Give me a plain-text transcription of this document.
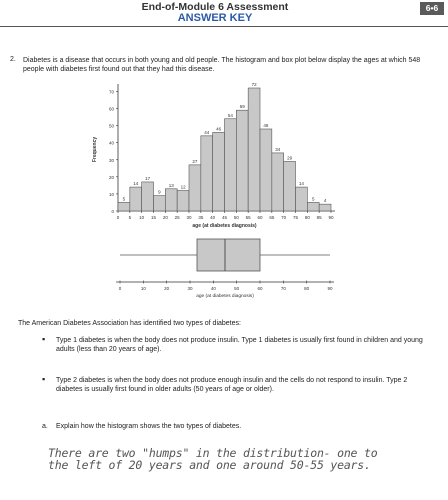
End-of-Module 6 Assessment
ANSWER KEY
6•6
2. Diabetes is a disease that occurs in both young and old people. The histogram and box plot below display the ages at which 548 people with diabetes first found out that they had this disease.
0
10
20
30
40
50
60
70
5
14
17
9
13 12
27
44
46
54
59
72
48
34
29
14
5 4
0 5 10 15 20 25 30 35 40 45 50 55 60 65 70 75 80 85 90
age (at diabetes diagnosis)
Frequency
0	10	20	30	40	50	60	70	80	90
age (at diabetes diagnosis)
The American Diabetes Association has identified two types of diabetes:
▪ Type 1 diabetes is when the body does not produce insulin. Type 1 diabetes is usually first found in children and young adults (less than 20 years of age).
▪ Type 2 diabetes is when the body does not produce enough insulin and the cells do not respond to insulin. Type 2 diabetes is usually first found in older adults (50 years of age or older).
a. Explain how the histogram shows the two types of diabetes.
There are two "humps" in the distribution- one to the left of 20 years and one around 50-55 years.
